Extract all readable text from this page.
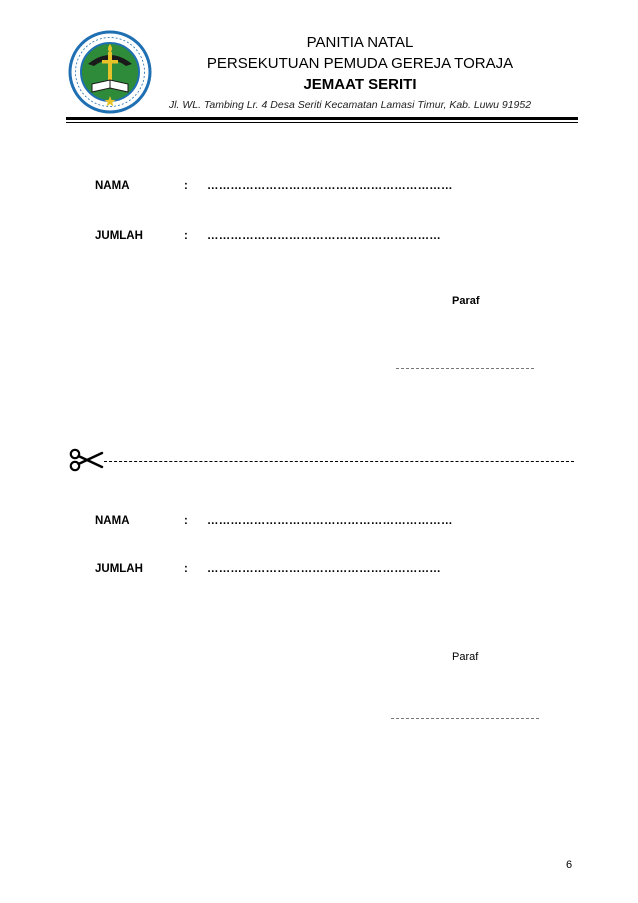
PANITIA NATAL
PERSEKUTUAN PEMUDA GEREJA TORAJA
JEMAAT SERITI
Jl. WL. Tambing Lr. 4 Desa Seriti Kecamatan Lamasi Timur, Kab. Luwu 91952
NAMA	: ………………………………………………………
JUMLAH	: ……………………………………………………
Paraf
NAMA	: ………………………………………………………
JUMLAH	: ……………………………………………………
Paraf
6
